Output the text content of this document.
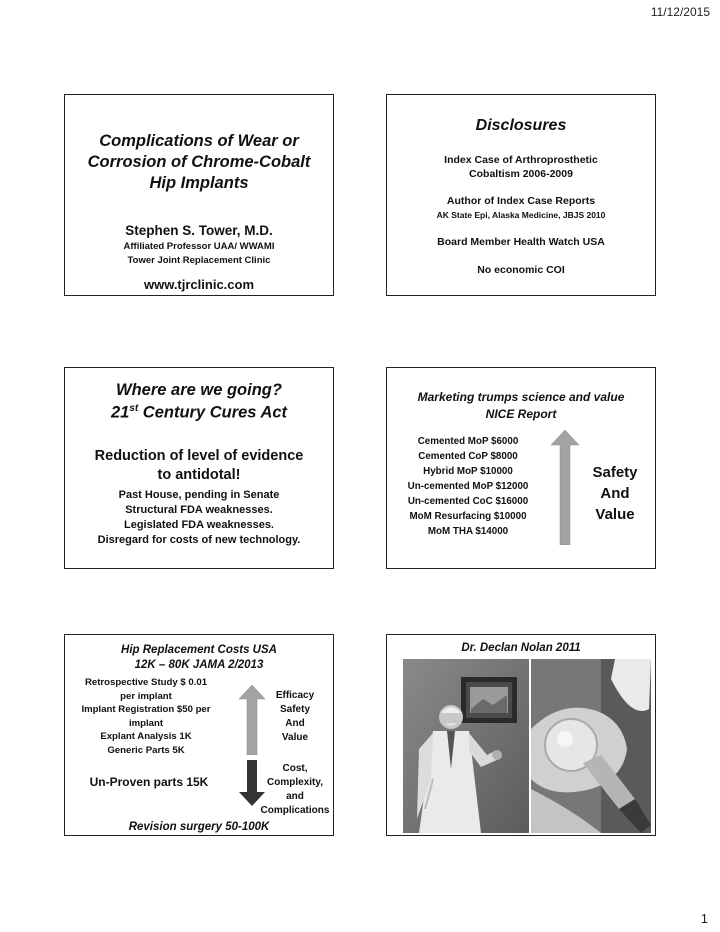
11/12/2015
Complications of Wear or
Corrosion of Chrome-Cobalt
Hip Implants
Stephen S. Tower, M.D.
Affiliated Professor UAA/ WWAMI
Tower Joint Replacement Clinic
www.tjrclinic.com
Disclosures
Index Case of Arthroprosthetic
Cobaltism 2006-2009
Author of Index Case Reports
AK State Epi, Alaska Medicine, JBJS 2010
Board Member Health Watch USA
No economic COI
Where are we going?
21st Century Cures Act
Reduction of level of evidence
to antidotal!
Past House, pending in Senate
Structural FDA weaknesses.
Legislated FDA weaknesses.
Disregard for costs of new technology.
Marketing trumps science and value
NICE Report
Cemented MoP $6000
Cemented CoP $8000
Hybrid MoP $10000
Un-cemented MoP $12000
Un-cemented CoC $16000
MoM Resurfacing $10000
MoM THA $14000
Safety
And
Value
Hip Replacement Costs USA
12K – 80K JAMA 2/2013
Retrospective Study $ 0.01
per implant
Implant Registration $50 per
implant
Explant Analysis 1K
Generic Parts 5K
Efficacy
Safety
And
Value
Un-Proven parts 15K
Cost,
Complexity,
and
Complications
Revision surgery 50-100K
Dr. Declan Nolan 2011
1
